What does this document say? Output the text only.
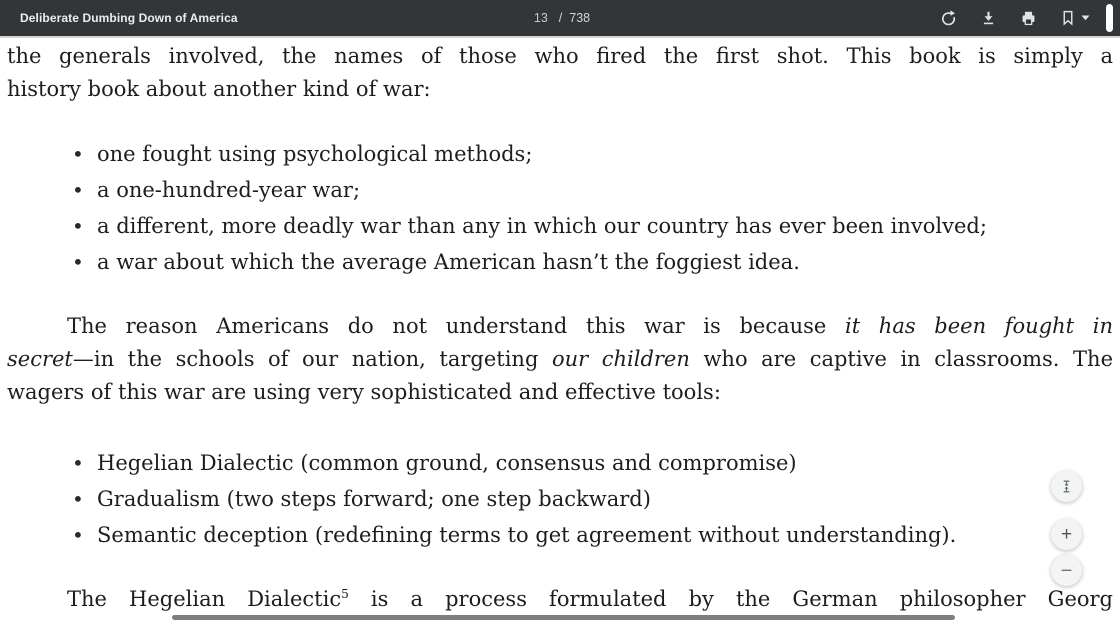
Deliberate Dumbing Down of America	13 / 738

the generals involved, the names of those who fired the first shot. This book is simply a

history book about another kind of war:

• one fought using psychological methods;
• a one-hundred-year war;
• a different, more deadly war than any in which our country has ever been involved;
• a war about which the average American hasn’t the foggiest idea.

The reason Americans do not understand this war is because it has been fought in

secret—in the schools of our nation, targeting our children who are captive in classrooms. The

wagers of this war are using very sophisticated and effective tools:

• Hegelian Dialectic (common ground, consensus and compromise)
• Gradualism (two steps forward; one step backward)
• Semantic deception (redefining terms to get agreement without understanding).

The Hegelian Dialectic$^5$ is a process formulated by the German philosopher Georg

+
−
